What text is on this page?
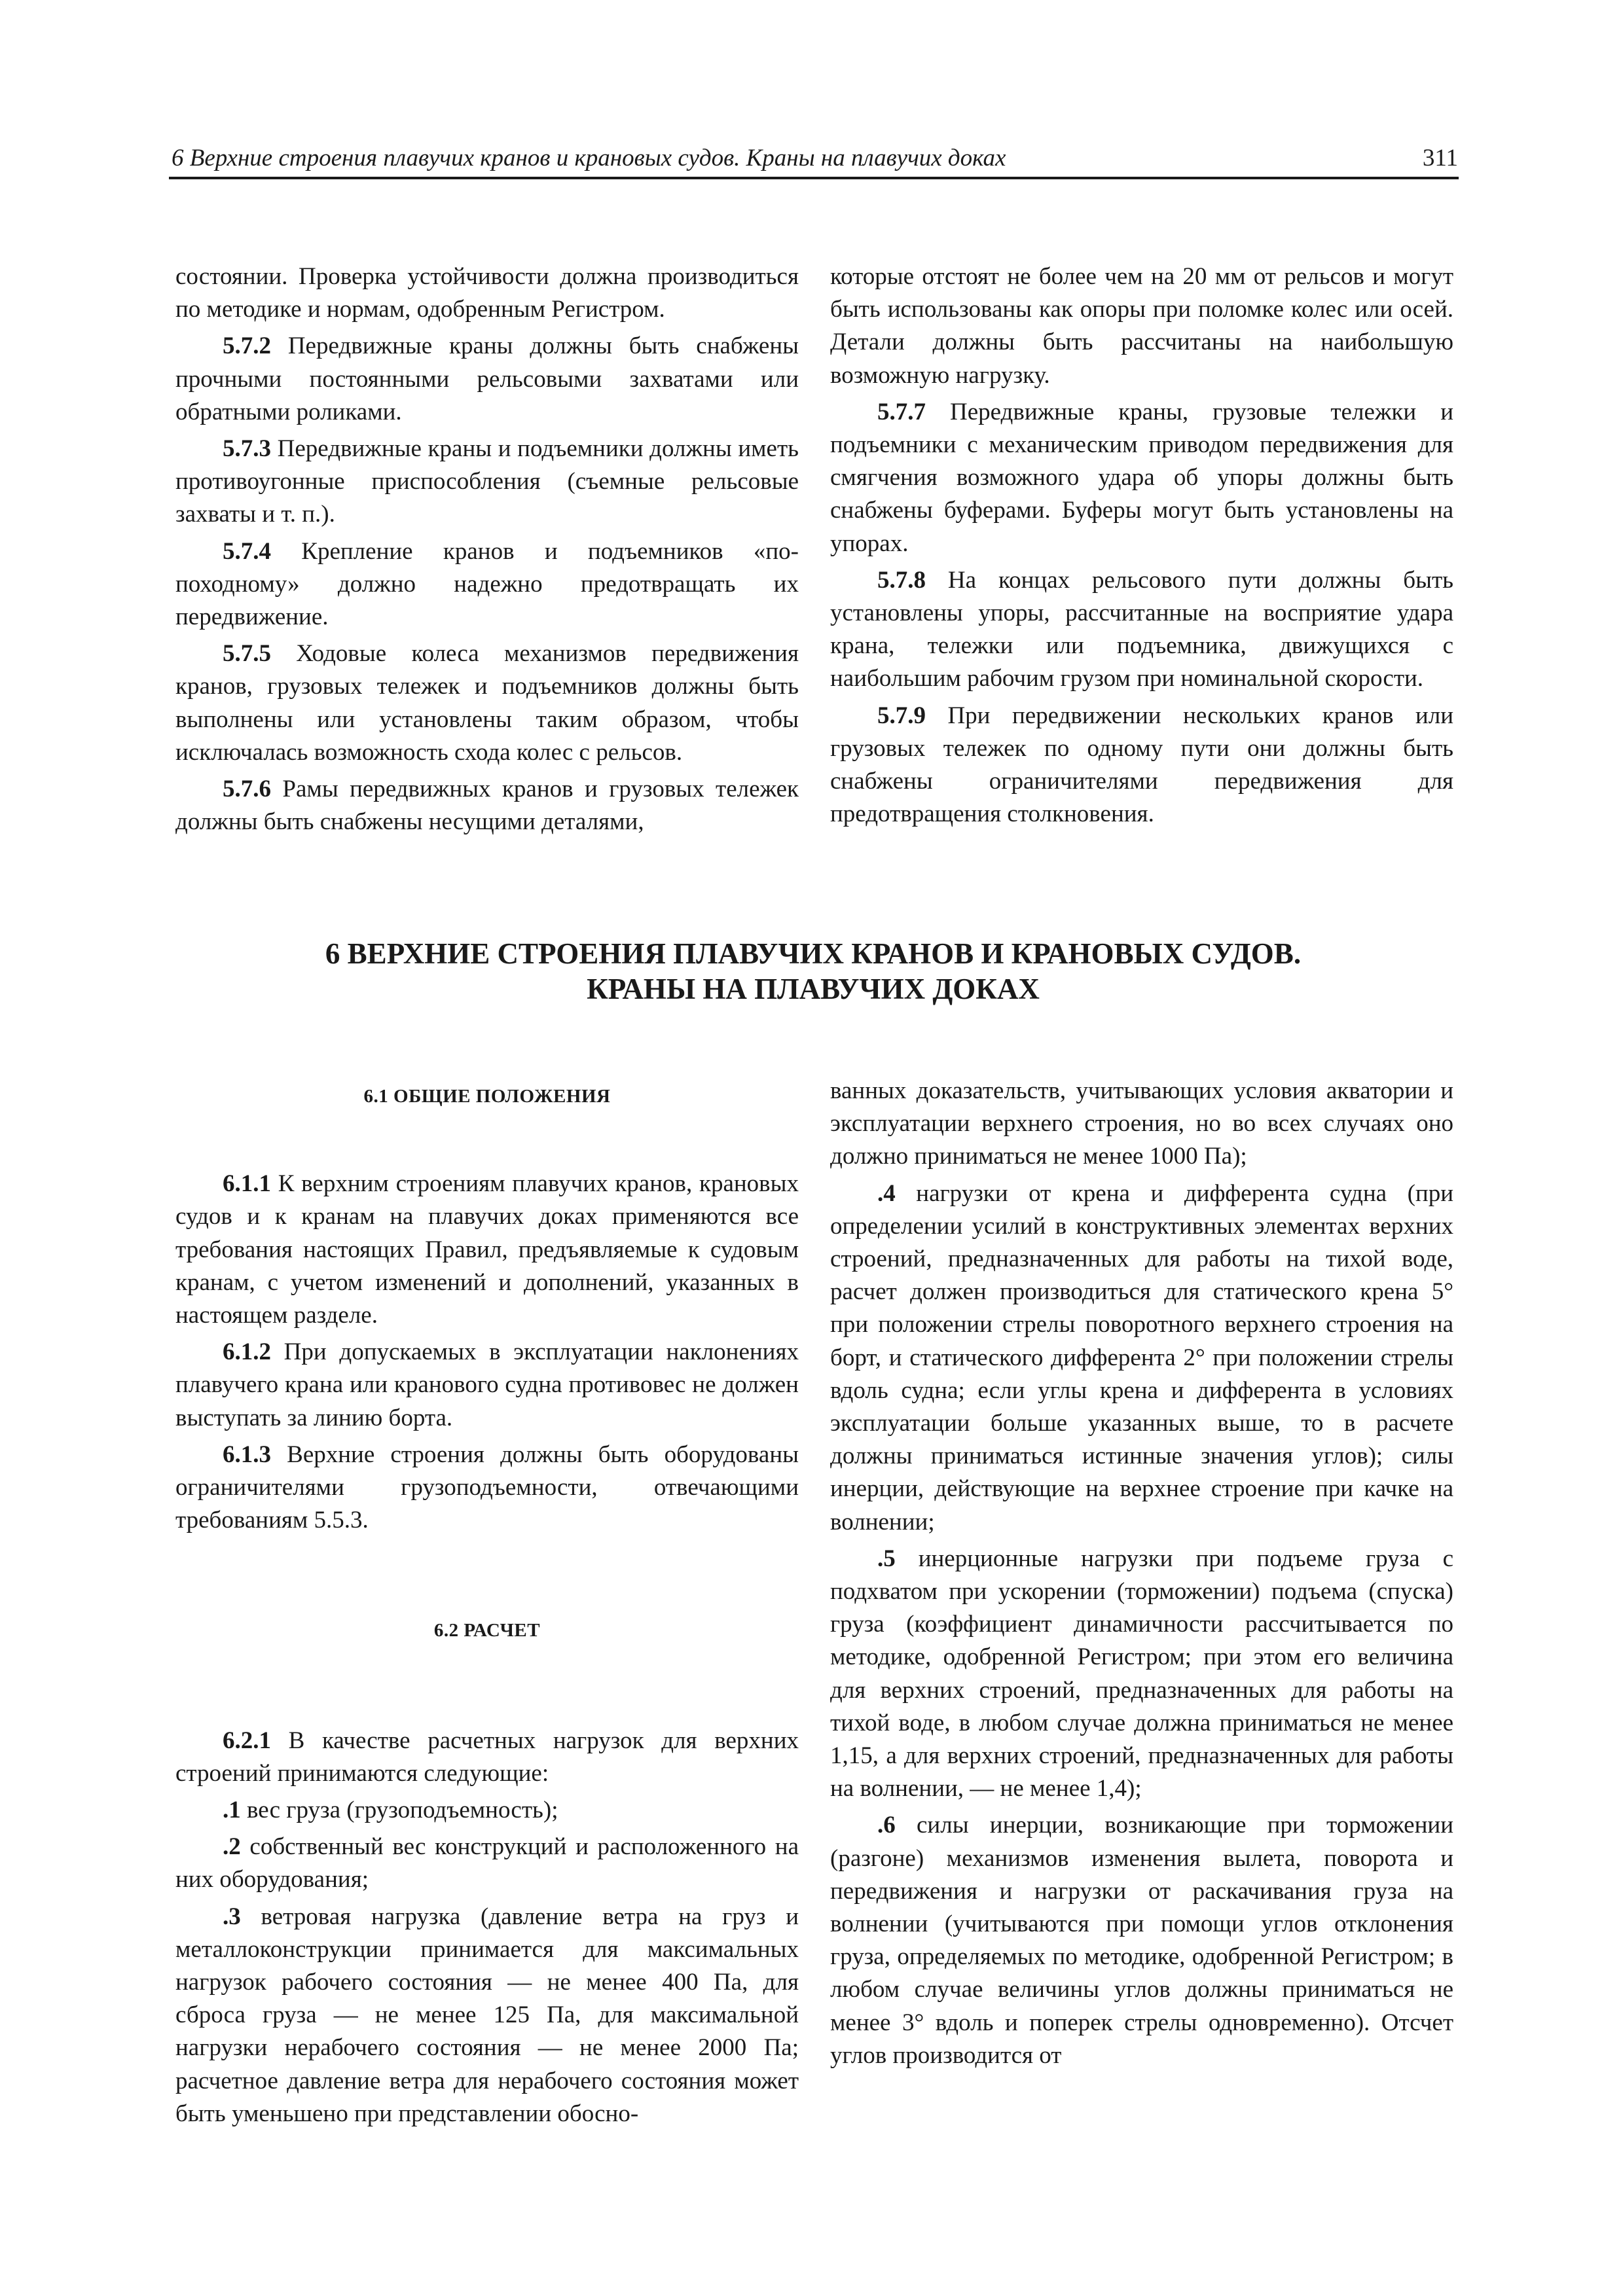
6 Верхние строения плавучих кранов и крановых судов. Краны на плавучих доках	311

состоянии. Проверка устойчивости должна производиться по методике и нормам, одобренным Регистром.

5.7.2 Передвижные краны должны быть снабжены прочными постоянными рельсовыми захватами или обратными роликами.

5.7.3 Передвижные краны и подъемники должны иметь противоугонные приспособления (съемные рельсовые захваты и т. п.).

5.7.4 Крепление кранов и подъемников «по-походному» должно надежно предотвращать их передвижение.

5.7.5 Ходовые колеса механизмов передвижения кранов, грузовых тележек и подъемников должны быть выполнены или установлены таким образом, чтобы исключалась возможность схода колес с рельсов.

5.7.6 Рамы передвижных кранов и грузовых тележек должны быть снабжены несущими деталями,

которые отстоят не более чем на 20 мм от рельсов и могут быть использованы как опоры при поломке колес или осей. Детали должны быть рассчитаны на наибольшую возможную нагрузку.

5.7.7 Передвижные краны, грузовые тележки и подъемники с механическим приводом передвижения для смягчения возможного удара об упоры должны быть снабжены буферами. Буферы могут быть установлены на упорах.

5.7.8 На концах рельсового пути должны быть установлены упоры, рассчитанные на восприятие удара крана, тележки или подъемника, движущихся с наибольшим рабочим грузом при номинальной скорости.

5.7.9 При передвижении нескольких кранов или грузовых тележек по одному пути они должны быть снабжены ограничителями передвижения для предотвращения столкновения.

6 ВЕРХНИЕ СТРОЕНИЯ ПЛАВУЧИХ КРАНОВ И КРАНОВЫХ СУДОВ.
КРАНЫ НА ПЛАВУЧИХ ДОКАХ

6.1 ОБЩИЕ ПОЛОЖЕНИЯ

6.1.1 К верхним строениям плавучих кранов, крановых судов и к кранам на плавучих доках применяются все требования настоящих Правил, предъявляемые к судовым кранам, с учетом изменений и дополнений, указанных в настоящем разделе.

6.1.2 При допускаемых в эксплуатации наклонениях плавучего крана или кранового судна противовес не должен выступать за линию борта.

6.1.3 Верхние строения должны быть оборудованы ограничителями грузоподъемности, отвечающими требованиям 5.5.3.

6.2 РАСЧЕТ

6.2.1 В качестве расчетных нагрузок для верхних строений принимаются следующие:

.1 вес груза (грузоподъемность);

.2 собственный вес конструкций и расположенного на них оборудования;

.3 ветровая нагрузка (давление ветра на груз и металлоконструкции принимается для максимальных нагрузок рабочего состояния — не менее 400 Па, для сброса груза — не менее 125 Па, для максимальной нагрузки нерабочего состояния — не менее 2000 Па; расчетное давление ветра для нерабочего состояния может быть уменьшено при представлении обосно-

ванных доказательств, учитывающих условия акватории и эксплуатации верхнего строения, но во всех случаях оно должно приниматься не менее 1000 Па);

.4 нагрузки от крена и дифферента судна (при определении усилий в конструктивных элементах верхних строений, предназначенных для работы на тихой воде, расчет должен производиться для статического крена 5° при положении стрелы поворотного верхнего строения на борт, и статического дифферента 2° при положении стрелы вдоль судна; если углы крена и дифферента в условиях эксплуатации больше указанных выше, то в расчете должны приниматься истинные значения углов); силы инерции, действующие на верхнее строение при качке на волнении;

.5 инерционные нагрузки при подъеме груза с подхватом при ускорении (торможении) подъема (спуска) груза (коэффициент динамичности рассчитывается по методике, одобренной Регистром; при этом его величина для верхних строений, предназначенных для работы на тихой воде, в любом случае должна приниматься не менее 1,15, а для верхних строений, предназначенных для работы на волнении, — не менее 1,4);

.6 силы инерции, возникающие при торможении (разгоне) механизмов изменения вылета, поворота и передвижения и нагрузки от раскачивания груза на волнении (учитываются при помощи углов отклонения груза, определяемых по методике, одобренной Регистром; в любом случае величины углов должны приниматься не менее 3° вдоль и поперек стрелы одновременно). Отсчет углов производится от
